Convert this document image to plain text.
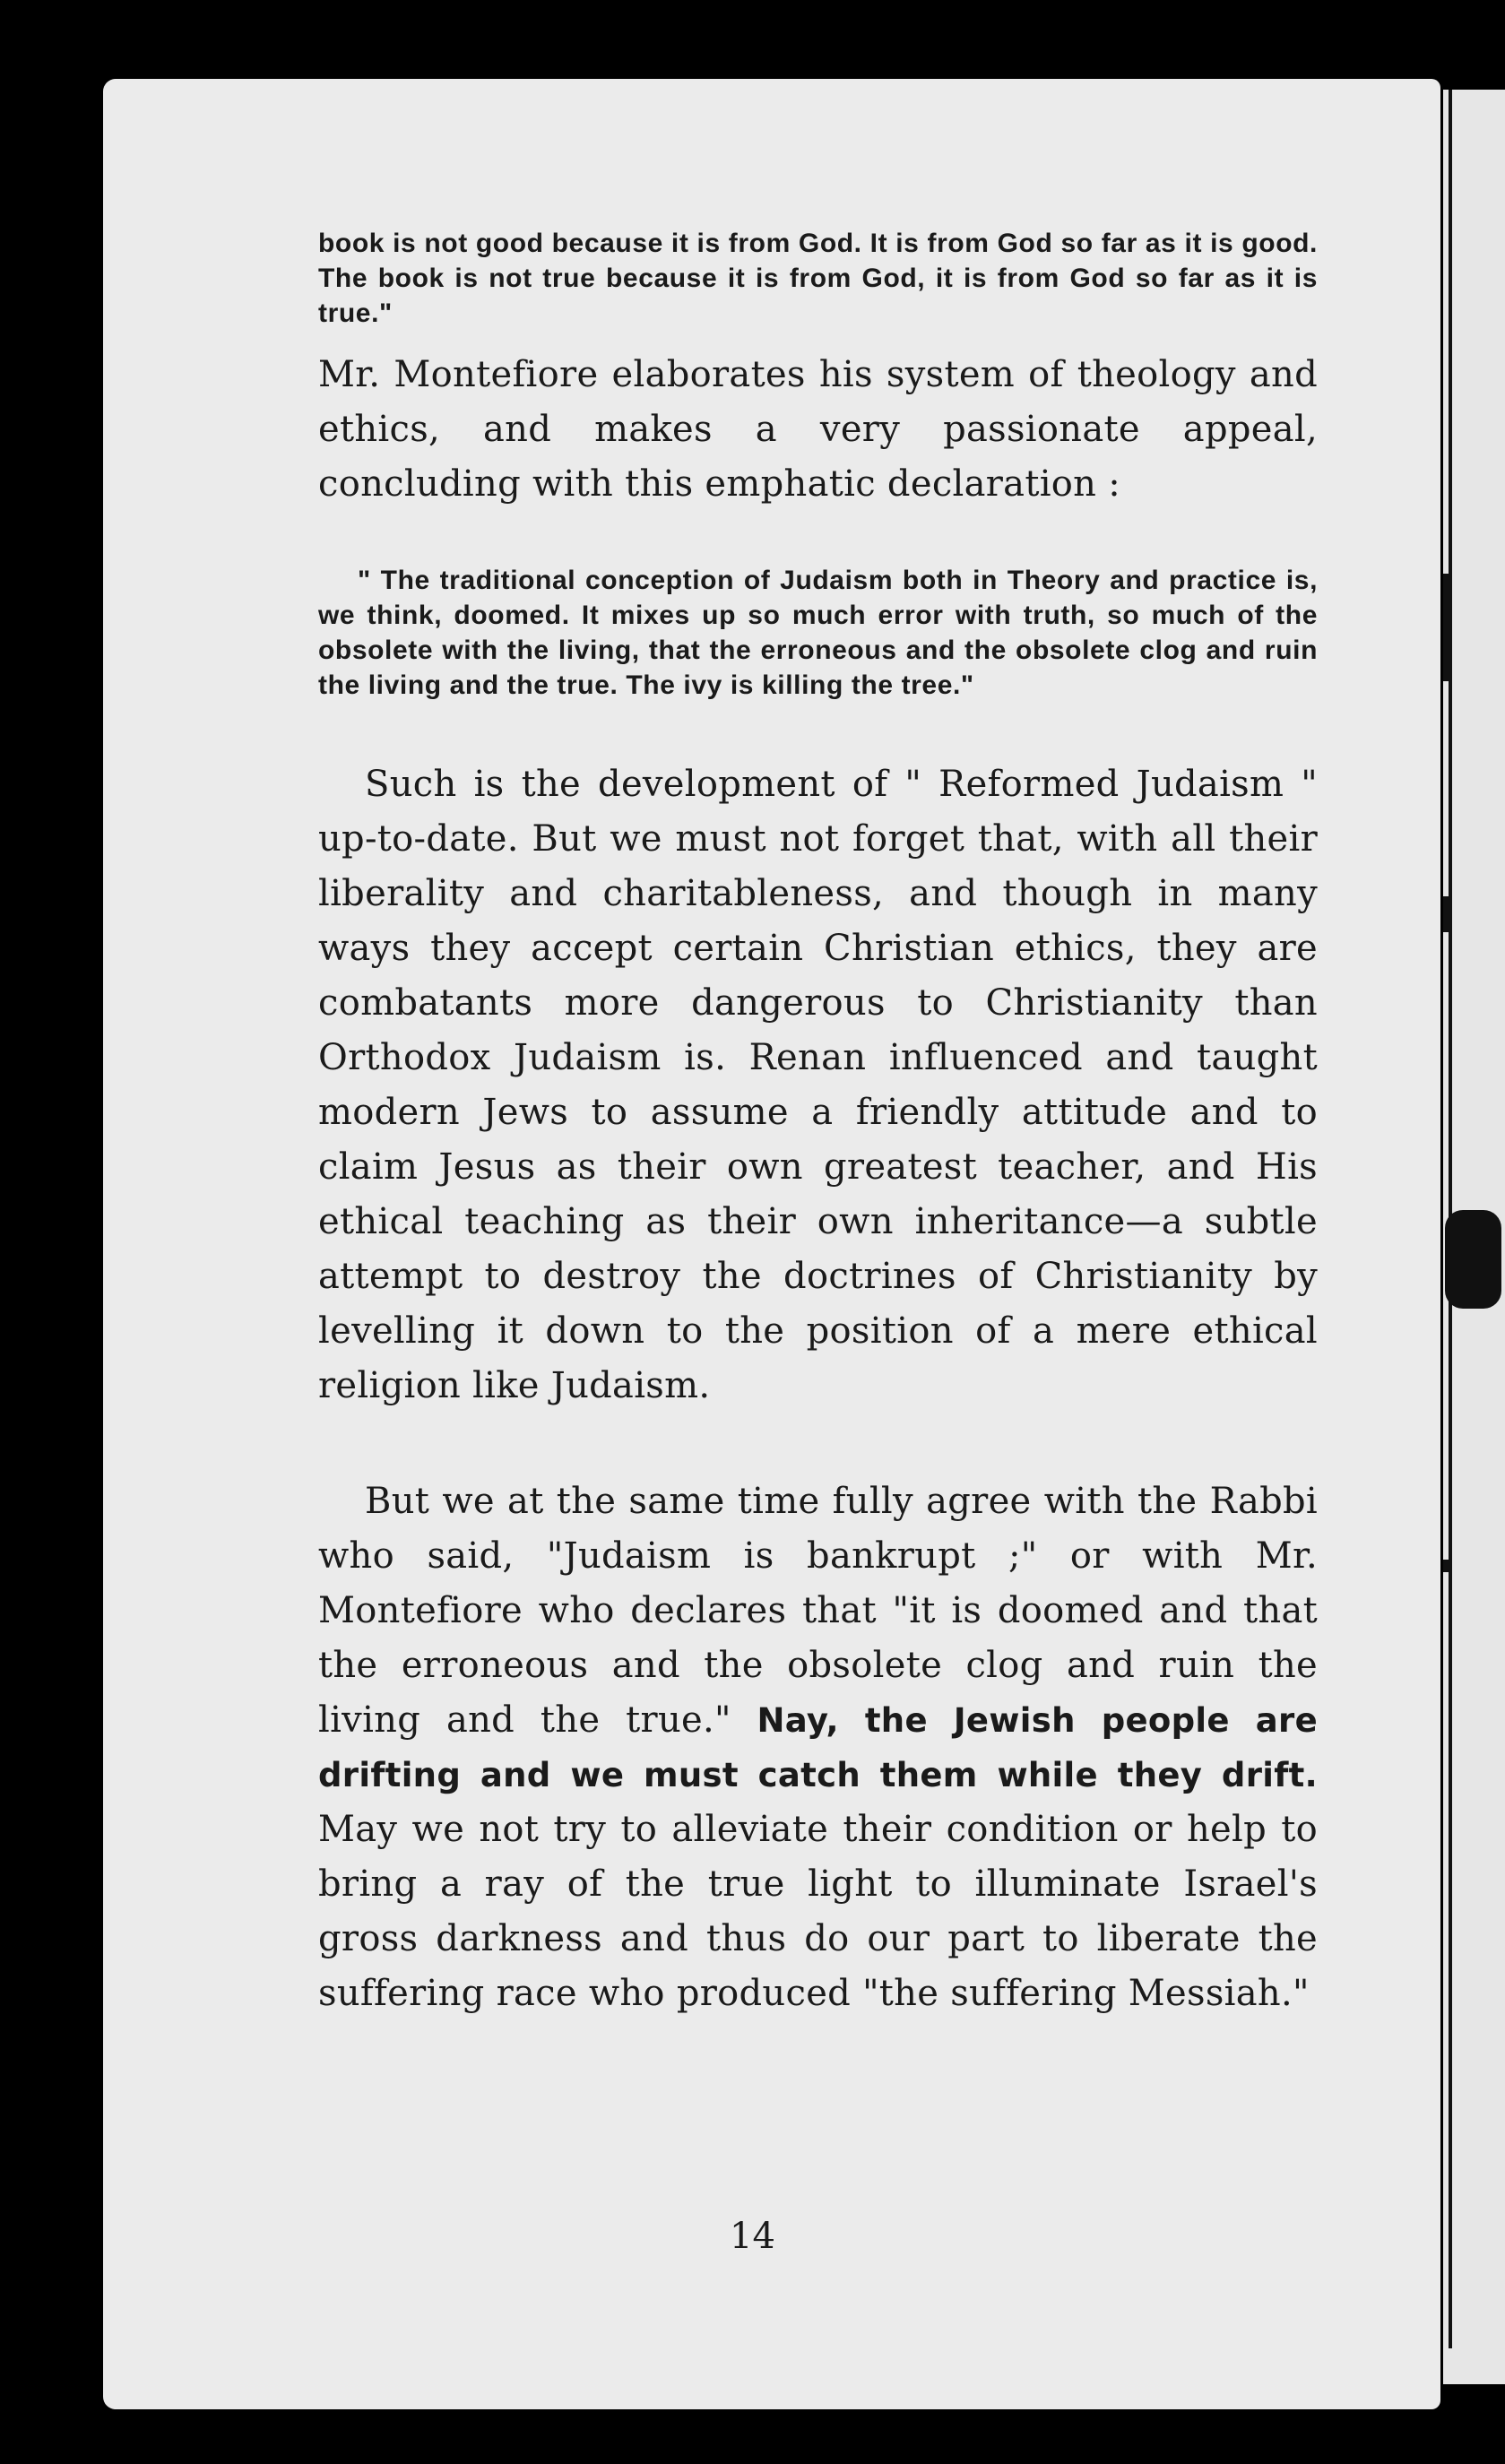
book is not good because it is from God. It is from God so far as it is good. The book is not true because it is from God, it is from God so far as it is true."

Mr. Montefiore elaborates his system of theology and ethics, and makes a very passionate appeal, concluding with this emphatic declaration :

" The traditional conception of Judaism both in Theory and practice is, we think, doomed. It mixes up so much error with truth, so much of the obsolete with the living, that the erroneous and the obsolete clog and ruin the living and the true. The ivy is killing the tree."

Such is the development of " Reformed Judaism " up-to-date. But we must not forget that, with all their liberality and charitableness, and though in many ways they accept certain Christian ethics, they are combatants more dangerous to Christianity than Orthodox Judaism is. Renan influenced and taught modern Jews to assume a friendly attitude and to claim Jesus as their own greatest teacher, and His ethical teaching as their own inheritance—a subtle attempt to destroy the doctrines of Christianity by levelling it down to the position of a mere ethical religion like Judaism.

But we at the same time fully agree with the Rabbi who said, "Judaism is bankrupt ;" or with Mr. Montefiore who declares that "it is doomed and that the erroneous and the obsolete clog and ruin the living and the true." Nay, the Jewish people are drifting and we must catch them while they drift. May we not try to alleviate their condition or help to bring a ray of the true light to illuminate Israel's gross darkness and thus do our part to liberate the suffering race who produced "the suffering Messiah."

14
